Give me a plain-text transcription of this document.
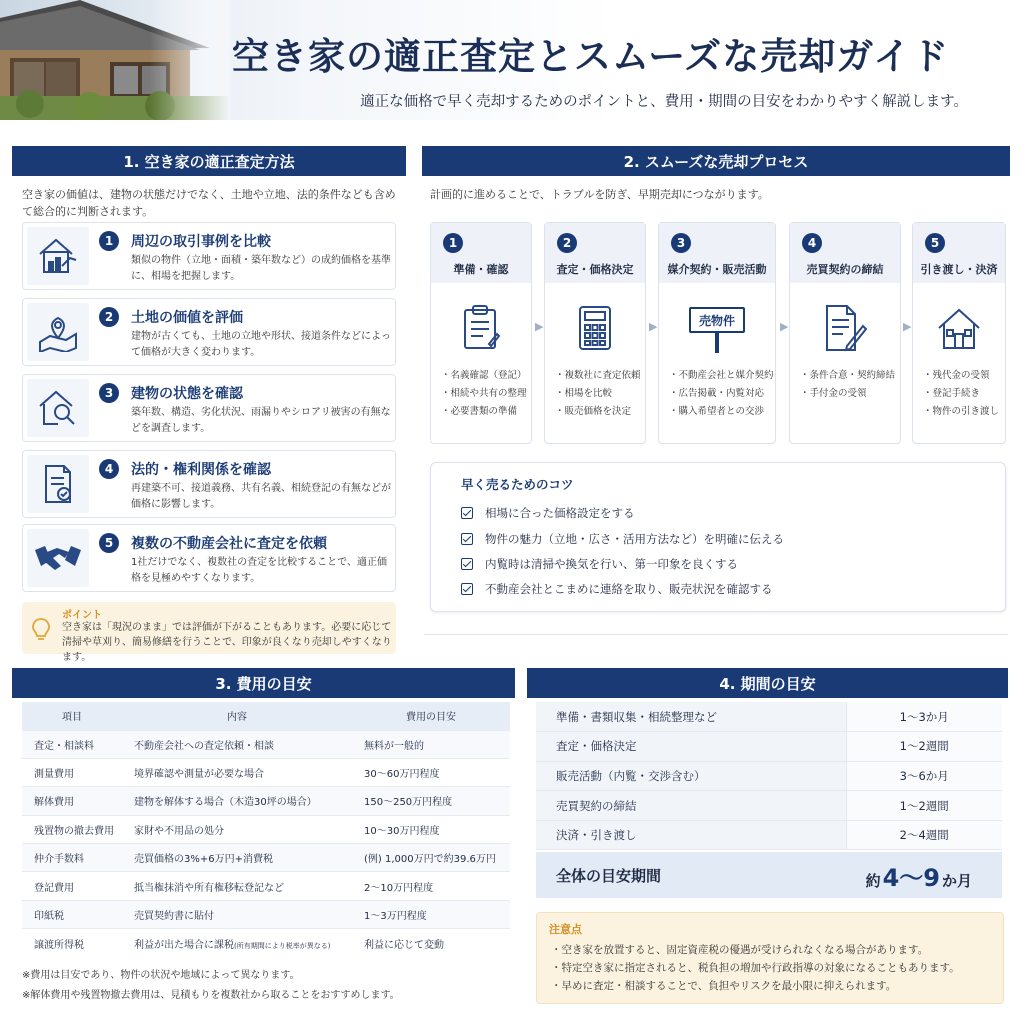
空き家の適正査定とスムーズな売却ガイド
適正な価格で早く売却するためのポイントと、費用・期間の目安をわかりやすく解説します。
1. 空き家の適正査定方法
空き家の価値は、建物の状態だけでなく、土地や立地、法的条件なども含めて総合的に判断されます。
1	周辺の取引事例を比較
類似の物件（立地・面積・築年数など）の成約価格を基準に、相場を把握します。
2	土地の価値を評価
建物が古くても、土地の立地や形状、接道条件などによって価格が大きく変わります。
3	建物の状態を確認
築年数、構造、劣化状況、雨漏りやシロアリ被害の有無などを調査します。
4	法的・権利関係を確認
再建築不可、接道義務、共有名義、相続登記の有無などが価格に影響します。
5	複数の不動産会社に査定を依頼
1社だけでなく、複数社の査定を比較することで、適正価格を見極めやすくなります。
ポイント
空き家は「現況のまま」では評価が下がることもあります。必要に応じて清掃や草刈り、簡易修繕を行うことで、印象が良くなり売却しやすくなります。
2. スムーズな売却プロセス
計画的に進めることで、トラブルを防ぎ、早期売却につながります。
1
準備・確認
・ 名義確認（登記）
・ 相続や共有の整理
・ 必要書類の準備
▶
2
査定・価格決定
・ 複数社に査定依頼
・ 相場を比較
・ 販売価格を決定
▶
3
媒介契約・販売活動
売物件
・ 不動産会社と媒介契約
・ 広告掲載・内覧対応
・ 購入希望者との交渉
▶
4
売買契約の締結
・ 条件合意・契約締結
・ 手付金の受領
▶
5
引き渡し・決済
・ 残代金の受領
・ 登記手続き
・ 物件の引き渡し
早く売るためのコツ
相場に合った価格設定をする
物件の魅力（立地・広さ・活用方法など）を明確に伝える
内覧時は清掃や換気を行い、第一印象を良くする
不動産会社とこまめに連絡を取り、販売状況を確認する
3. 費用の目安
項目	内容	費用の目安
査定・相談料	不動産会社への査定依頼・相談	無料が一般的
測量費用	境界確認や測量が必要な場合	30〜60万円程度
解体費用	建物を解体する場合（木造30坪の場合）	150〜250万円程度
残置物の撤去費用	家財や不用品の処分	10〜30万円程度
仲介手数料	売買価格の3%+6万円+消費税	(例) 1,000万円で約39.6万円
登記費用	抵当権抹消や所有権移転登記など	2〜10万円程度
印紙税	売買契約書に貼付	1〜3万円程度
譲渡所得税	利益が出た場合に課税(所有期間により税率が異なる)	利益に応じて変動
※費用は目安であり、物件の状況や地域によって異なります。
※解体費用や残置物撤去費用は、見積もりを複数社から取ることをおすすめします。
4. 期間の目安
準備・書類収集・相続整理など	1〜3か月
査定・価格決定	1〜2週間
販売活動（内覧・交渉含む）	3〜6か月
売買契約の締結	1〜2週間
決済・引き渡し	2〜4週間
全体の目安期間	約 4〜9 か月
注意点
・ 空き家を放置すると、固定資産税の優遇が受けられなくなる場合があります。
・ 特定空き家に指定されると、税負担の増加や行政指導の対象になることもあります。
・ 早めに査定・相談することで、負担やリスクを最小限に抑えられます。
